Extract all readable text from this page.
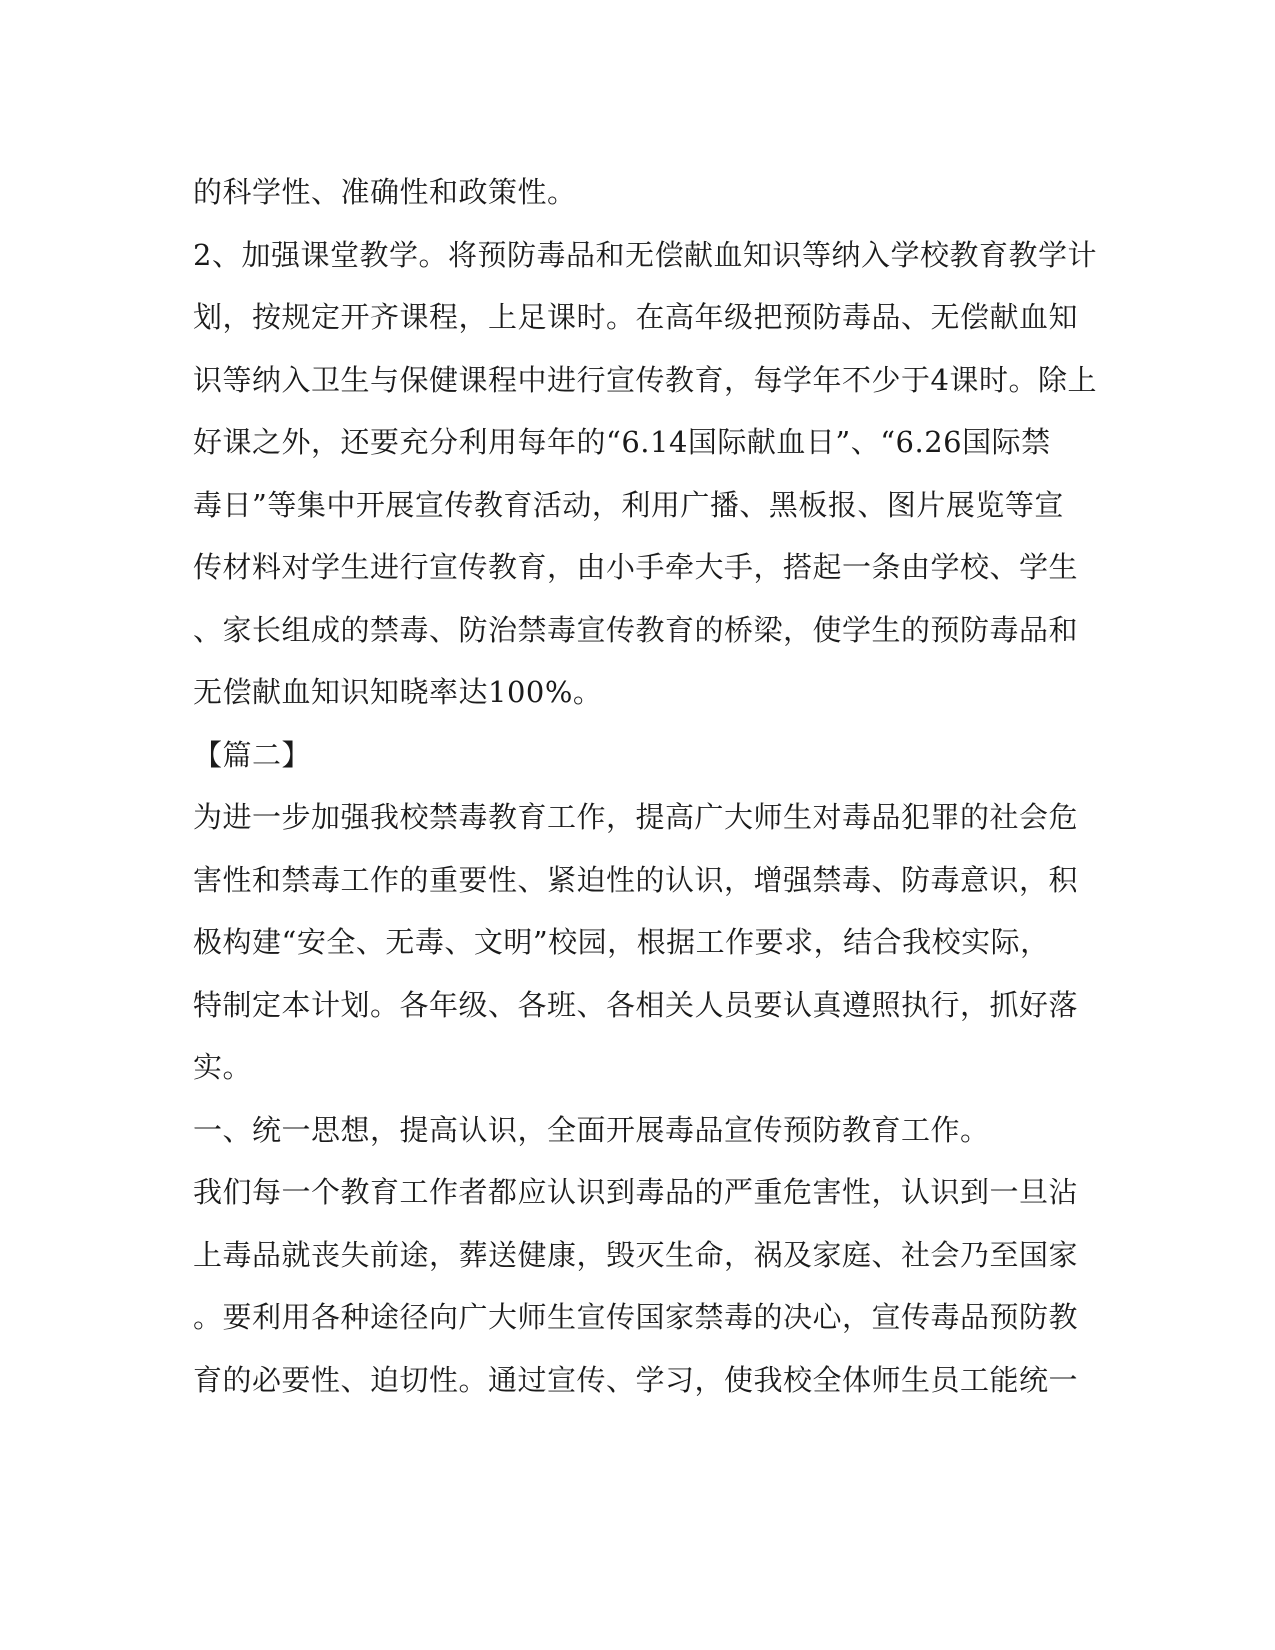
的科学性、准确性和政策性。
2、加强课堂教学。将预防毒品和无偿献血知识等纳入学校教育教学计
划，按规定开齐课程，上足课时。在高年级把预防毒品、无偿献血知
识等纳入卫生与保健课程中进行宣传教育，每学年不少于4课时。除上
好课之外，还要充分利用每年的“6.14国际献血日”、“6.26国际禁
毒日”等集中开展宣传教育活动，利用广播、黑板报、图片展览等宣
传材料对学生进行宣传教育，由小手牵大手，搭起一条由学校、学生
、家长组成的禁毒、防治禁毒宣传教育的桥梁，使学生的预防毒品和
无偿献血知识知晓率达100%。
【篇二】
为进一步加强我校禁毒教育工作，提高广大师生对毒品犯罪的社会危
害性和禁毒工作的重要性、紧迫性的认识，增强禁毒、防毒意识，积
极构建“安全、无毒、文明”校园，根据工作要求，结合我校实际，
特制定本计划。各年级、各班、各相关人员要认真遵照执行，抓好落
实。
一、统一思想，提高认识，全面开展毒品宣传预防教育工作。
我们每一个教育工作者都应认识到毒品的严重危害性，认识到一旦沾
上毒品就丧失前途，葬送健康，毁灭生命，祸及家庭、社会乃至国家
。要利用各种途径向广大师生宣传国家禁毒的决心，宣传毒品预防教
育的必要性、迫切性。通过宣传、学习，使我校全体师生员工能统一
